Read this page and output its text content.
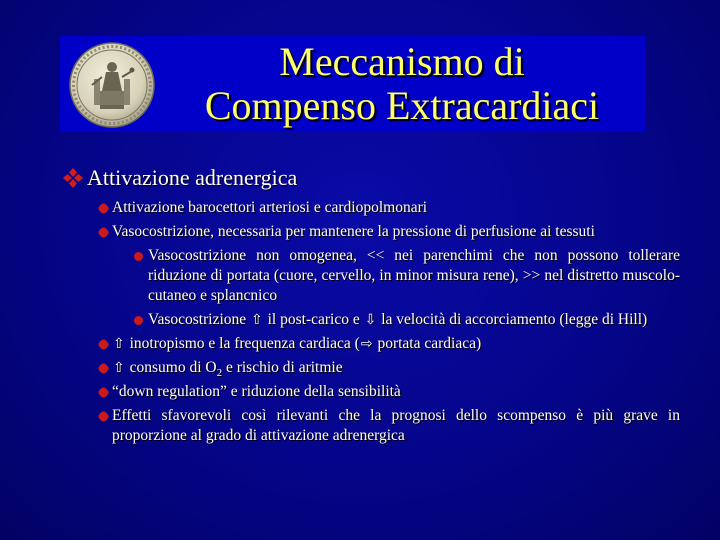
Meccanismo di
Compenso Extracardiaci
Attivazione adrenergica
Attivazione barocettori arteriosi e cardiopolmonari
Vasocostrizione, necessaria per mantenere la pressione di perfusione ai tessuti
Vasocostrizione non omogenea, << nei parenchimi che non possono tollerare riduzione di portata (cuore, cervello, in minor misura rene), >> nel distretto muscolo-cutaneo e splancnico
Vasocostrizione ⇧ il post-carico e ⇩ la velocità di accorciamento (legge di Hill)
⇧ inotropismo e la frequenza cardiaca (⇨ portata cardiaca)
⇧ consumo di $O_2$ e rischio di aritmie
“down regulation” e riduzione della sensibilità
Effetti sfavorevoli così rilevanti che la prognosi dello scompenso è più grave in proporzione al grado di attivazione adrenergica
